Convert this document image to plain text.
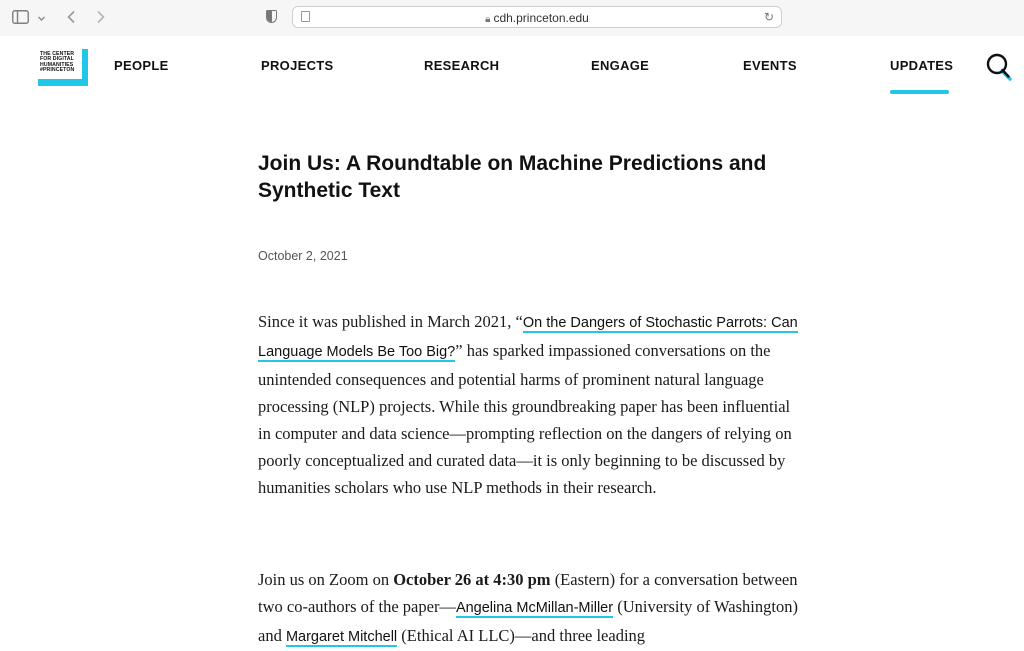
🔒︎ cdh.princeton.edu	↻
THE CENTER
FOR DIGITAL
HUMANITIES
#PRINCETON	PEOPLE	PROJECTS	RESEARCH	ENGAGE	EVENTS	UPDATES
Join Us: A Roundtable on Machine Predictions and Synthetic Text
October 2, 2021

Since it was published in March 2021, “On the Dangers of Stochastic Parrots: Can Language Models Be Too Big?” has sparked impassioned conversations on the unintended consequences and potential harms of prominent natural language processing (NLP) projects. While this groundbreaking paper has been influential in computer and data science—prompting reflection on the dangers of relying on poorly conceptualized and curated data—it is only beginning to be discussed by humanities scholars who use NLP methods in their research.

Join us on Zoom on October 26 at 4:30 pm (Eastern) for a conversation between two co-authors of the paper—Angelina McMillan-Miller (University of Washington) and Margaret Mitchell (Ethical AI LLC)—and three leading
